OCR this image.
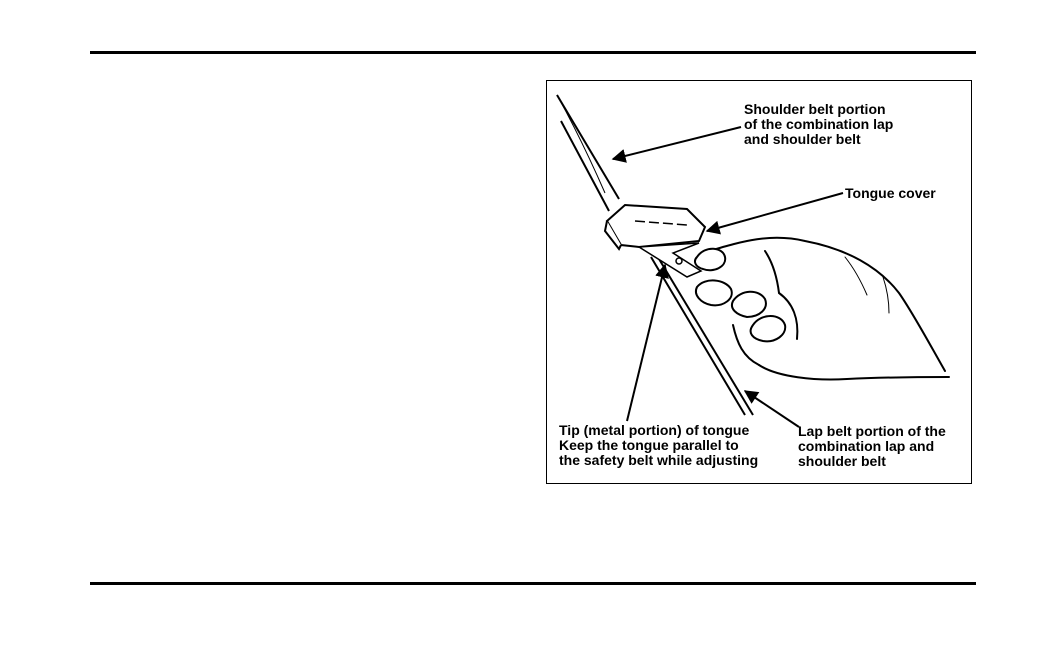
Shoulder belt portion
of the combination lap
and shoulder belt
Tongue cover
Tip (metal portion) of tongue
Keep the tongue parallel to
the safety belt while adjusting
Lap belt portion of the
combination lap and
shoulder belt
